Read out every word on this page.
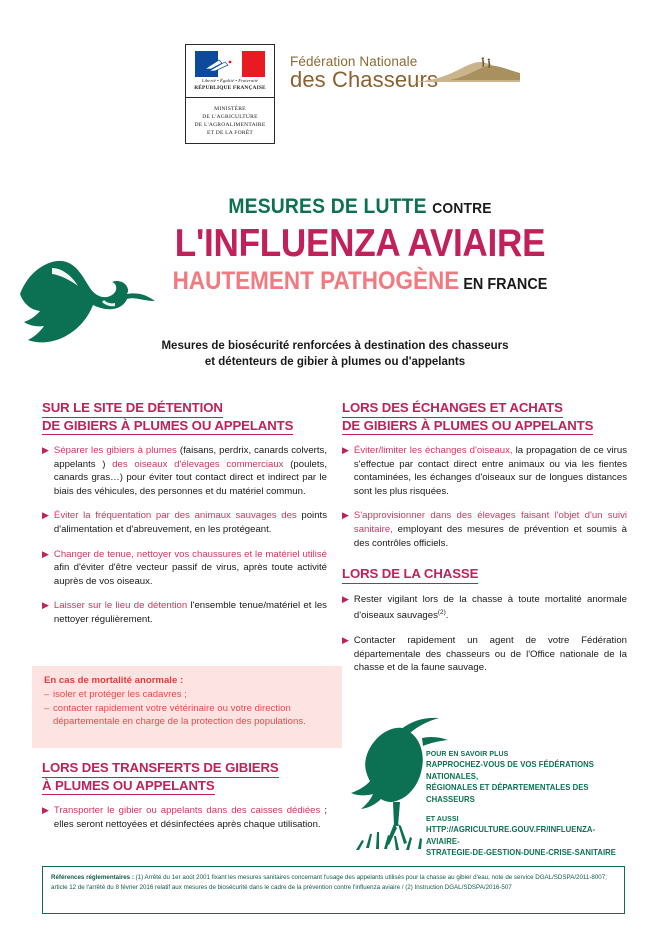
Liberté • Égalité • Fraternité
RÉPUBLIQUE FRANÇAISE
MINISTÈRE
DE L'AGRICULTURE
DE L'AGROALIMENTAIRE
ET DE LA FORÊT
Fédération Nationale
des Chasseurs
MESURES DE LUTTE CONTRE
L'INFLUENZA AVIAIRE
HAUTEMENT PATHOGÈNE EN FRANCE
Mesures de biosécurité renforcées à destination des chasseurs
et détenteurs de gibier à plumes ou d'appelants
SUR LE SITE DE DÉTENTION
DE GIBIERS À PLUMES OU APPELANTS
▶ Séparer les gibiers à plumes (faisans, perdrix, canards colverts, appelants ) des oiseaux d'élevages commerciaux (poulets, canards gras…) pour éviter tout contact direct et indirect par le biais des véhicules, des personnes et du matériel commun.
▶ Éviter la fréquentation par des animaux sauvages des points d'alimentation et d'abreuvement, en les protégeant.
▶ Changer de tenue, nettoyer vos chaussures et le matériel utilisé afin d'éviter d'être vecteur passif de virus, après toute activité auprès de vos oiseaux.
▶ Laisser sur le lieu de détention l'ensemble tenue/matériel et les nettoyer régulièrement.
En cas de mortalité anormale :
– isoler et protéger les cadavres ;
– contacter rapidement votre vétérinaire ou votre direction départementale en charge de la protection des populations.
LORS DES TRANSFERTS DE GIBIERS
À PLUMES OU APPELANTS
▶ Transporter le gibier ou appelants dans des caisses dédiées ; elles seront nettoyées et désinfectées après chaque utilisation.
LORS DES ÉCHANGES ET ACHATS
DE GIBIERS À PLUMES OU APPELANTS
▶ Éviter/limiter les échanges d'oiseaux, la propagation de ce virus s'effectue par contact direct entre animaux ou via les fientes contaminées, les échanges d'oiseaux sur de longues distances sont les plus risquées.
▶ S'approvisionner dans des élevages faisant l'objet d'un suivi sanitaire, employant des mesures de prévention et soumis à des contrôles officiels.
LORS DE LA CHASSE
▶ Rester vigilant lors de la chasse à toute mortalité anormale d'oiseaux sauvages$^{(2)}$.
▶ Contacter rapidement un agent de votre Fédération départementale des chasseurs ou de l'Office nationale de la chasse et de la faune sauvage.
POUR EN SAVOIR PLUS
RAPPROCHEZ-VOUS DE VOS FÉDÉRATIONS NATIONALES,
RÉGIONALES ET DÉPARTEMENTALES DES CHASSEURS
ET AUSSI
HTTP://AGRICULTURE.GOUV.FR/INFLUENZA-AVIAIRE-
STRATEGIE-DE-GESTION-DUNE-CRISE-SANITAIRE
Références réglementaires : (1) Arrêté du 1er août 2001 fixant les mesures sanitaires concernant l'usage des appelants utilisés pour la chasse au gibier d'eau, note de service DGAL/SDSPA/2011-8007; article 12 de l'arrêté du 8 février 2016 relatif aux mesures de biosécurité dans le cadre de la prévention contre l'influenza aviaire / (2) Instruction DGAL/SDSPA/2016-507
